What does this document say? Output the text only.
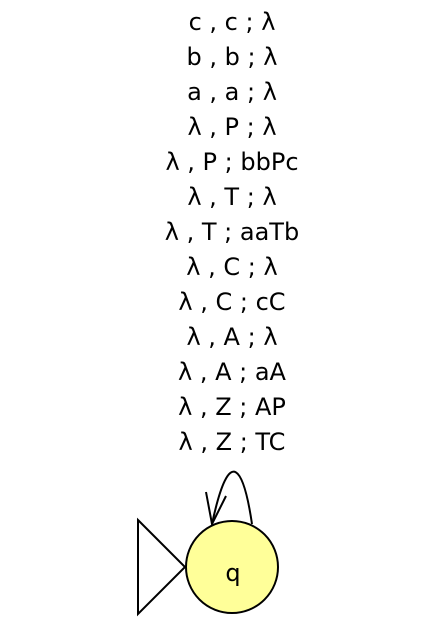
c , c ; λ
b , b ; λ
a , a ; λ
λ , P ; λ
λ , P ; bbPc
λ , T ; λ
λ , T ; aaTb
λ , C ; λ
λ , C ; cC
λ , A ; λ
λ , A ; aA
λ , Z ; AP
λ , Z ; TC
q
